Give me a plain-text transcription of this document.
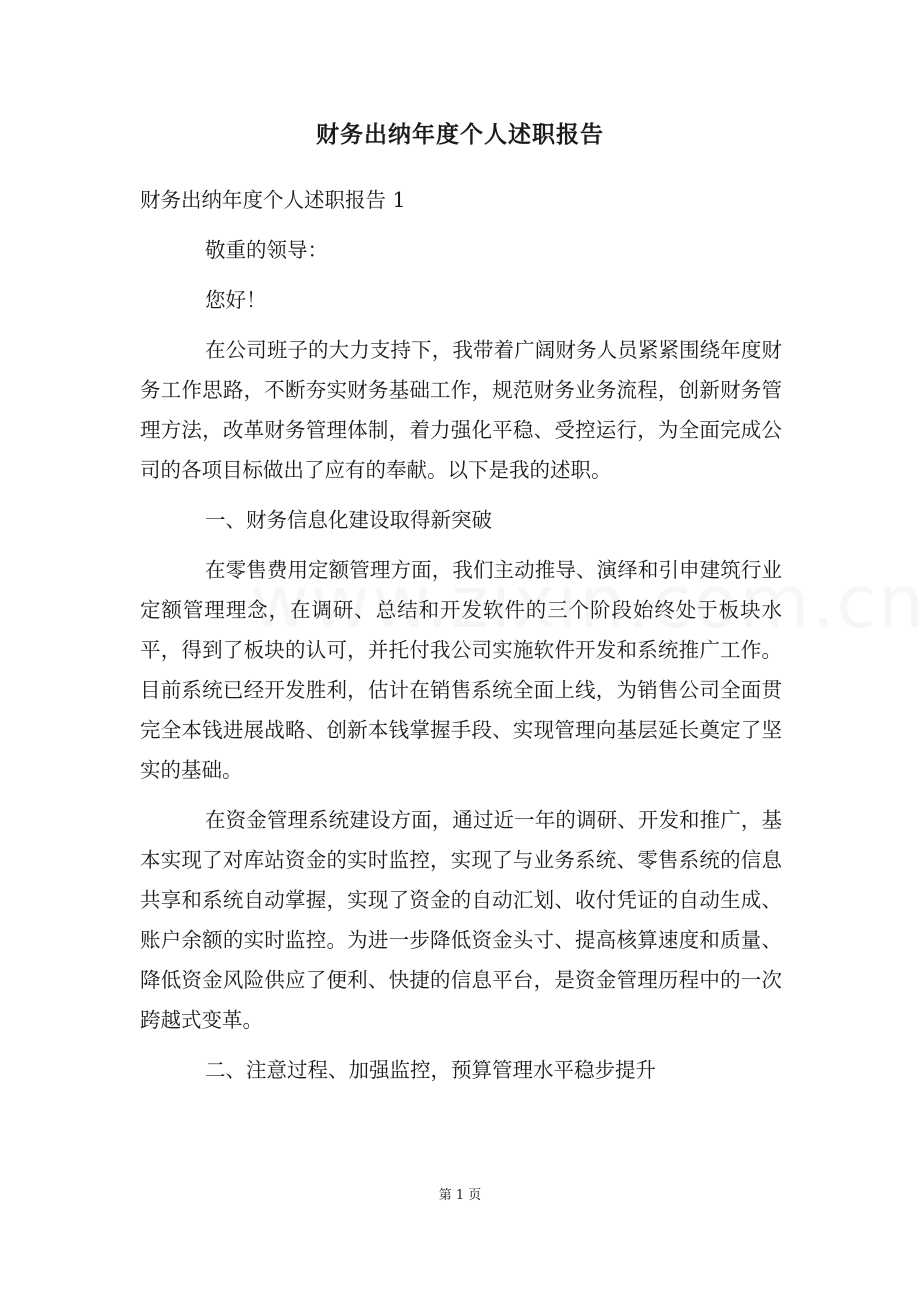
财务出纳年度个人述职报告

财务出纳年度个人述职报告 1

敬重的领导：

您好！

在公司班子的大力支持下，我带着广阔财务人员紧紧围绕年度财务工作思路，不断夯实财务基础工作，规范财务业务流程，创新财务管理方法，改革财务管理体制，着力强化平稳、受控运行，为全面完成公司的各项目标做出了应有的奉献。以下是我的述职。

一、财务信息化建设取得新突破

在零售费用定额管理方面，我们主动推导、演绎和引申建筑行业定额管理理念，在调研、总结和开发软件的三个阶段始终处于板块水平，得到了板块的认可，并托付我公司实施软件开发和系统推广工作。目前系统已经开发胜利，估计在销售系统全面上线，为销售公司全面贯完全本钱进展战略、创新本钱掌握手段、实现管理向基层延长奠定了坚实的基础。

在资金管理系统建设方面，通过近一年的调研、开发和推广，基本实现了对库站资金的实时监控，实现了与业务系统、零售系统的信息共享和系统自动掌握，实现了资金的自动汇划、收付凭证的自动生成、账户余额的实时监控。为进一步降低资金头寸、提高核算速度和质量、降低资金风险供应了便利、快捷的信息平台，是资金管理历程中的一次跨越式变革。

二、注意过程、加强监控，预算管理水平稳步提升

第 1 页
